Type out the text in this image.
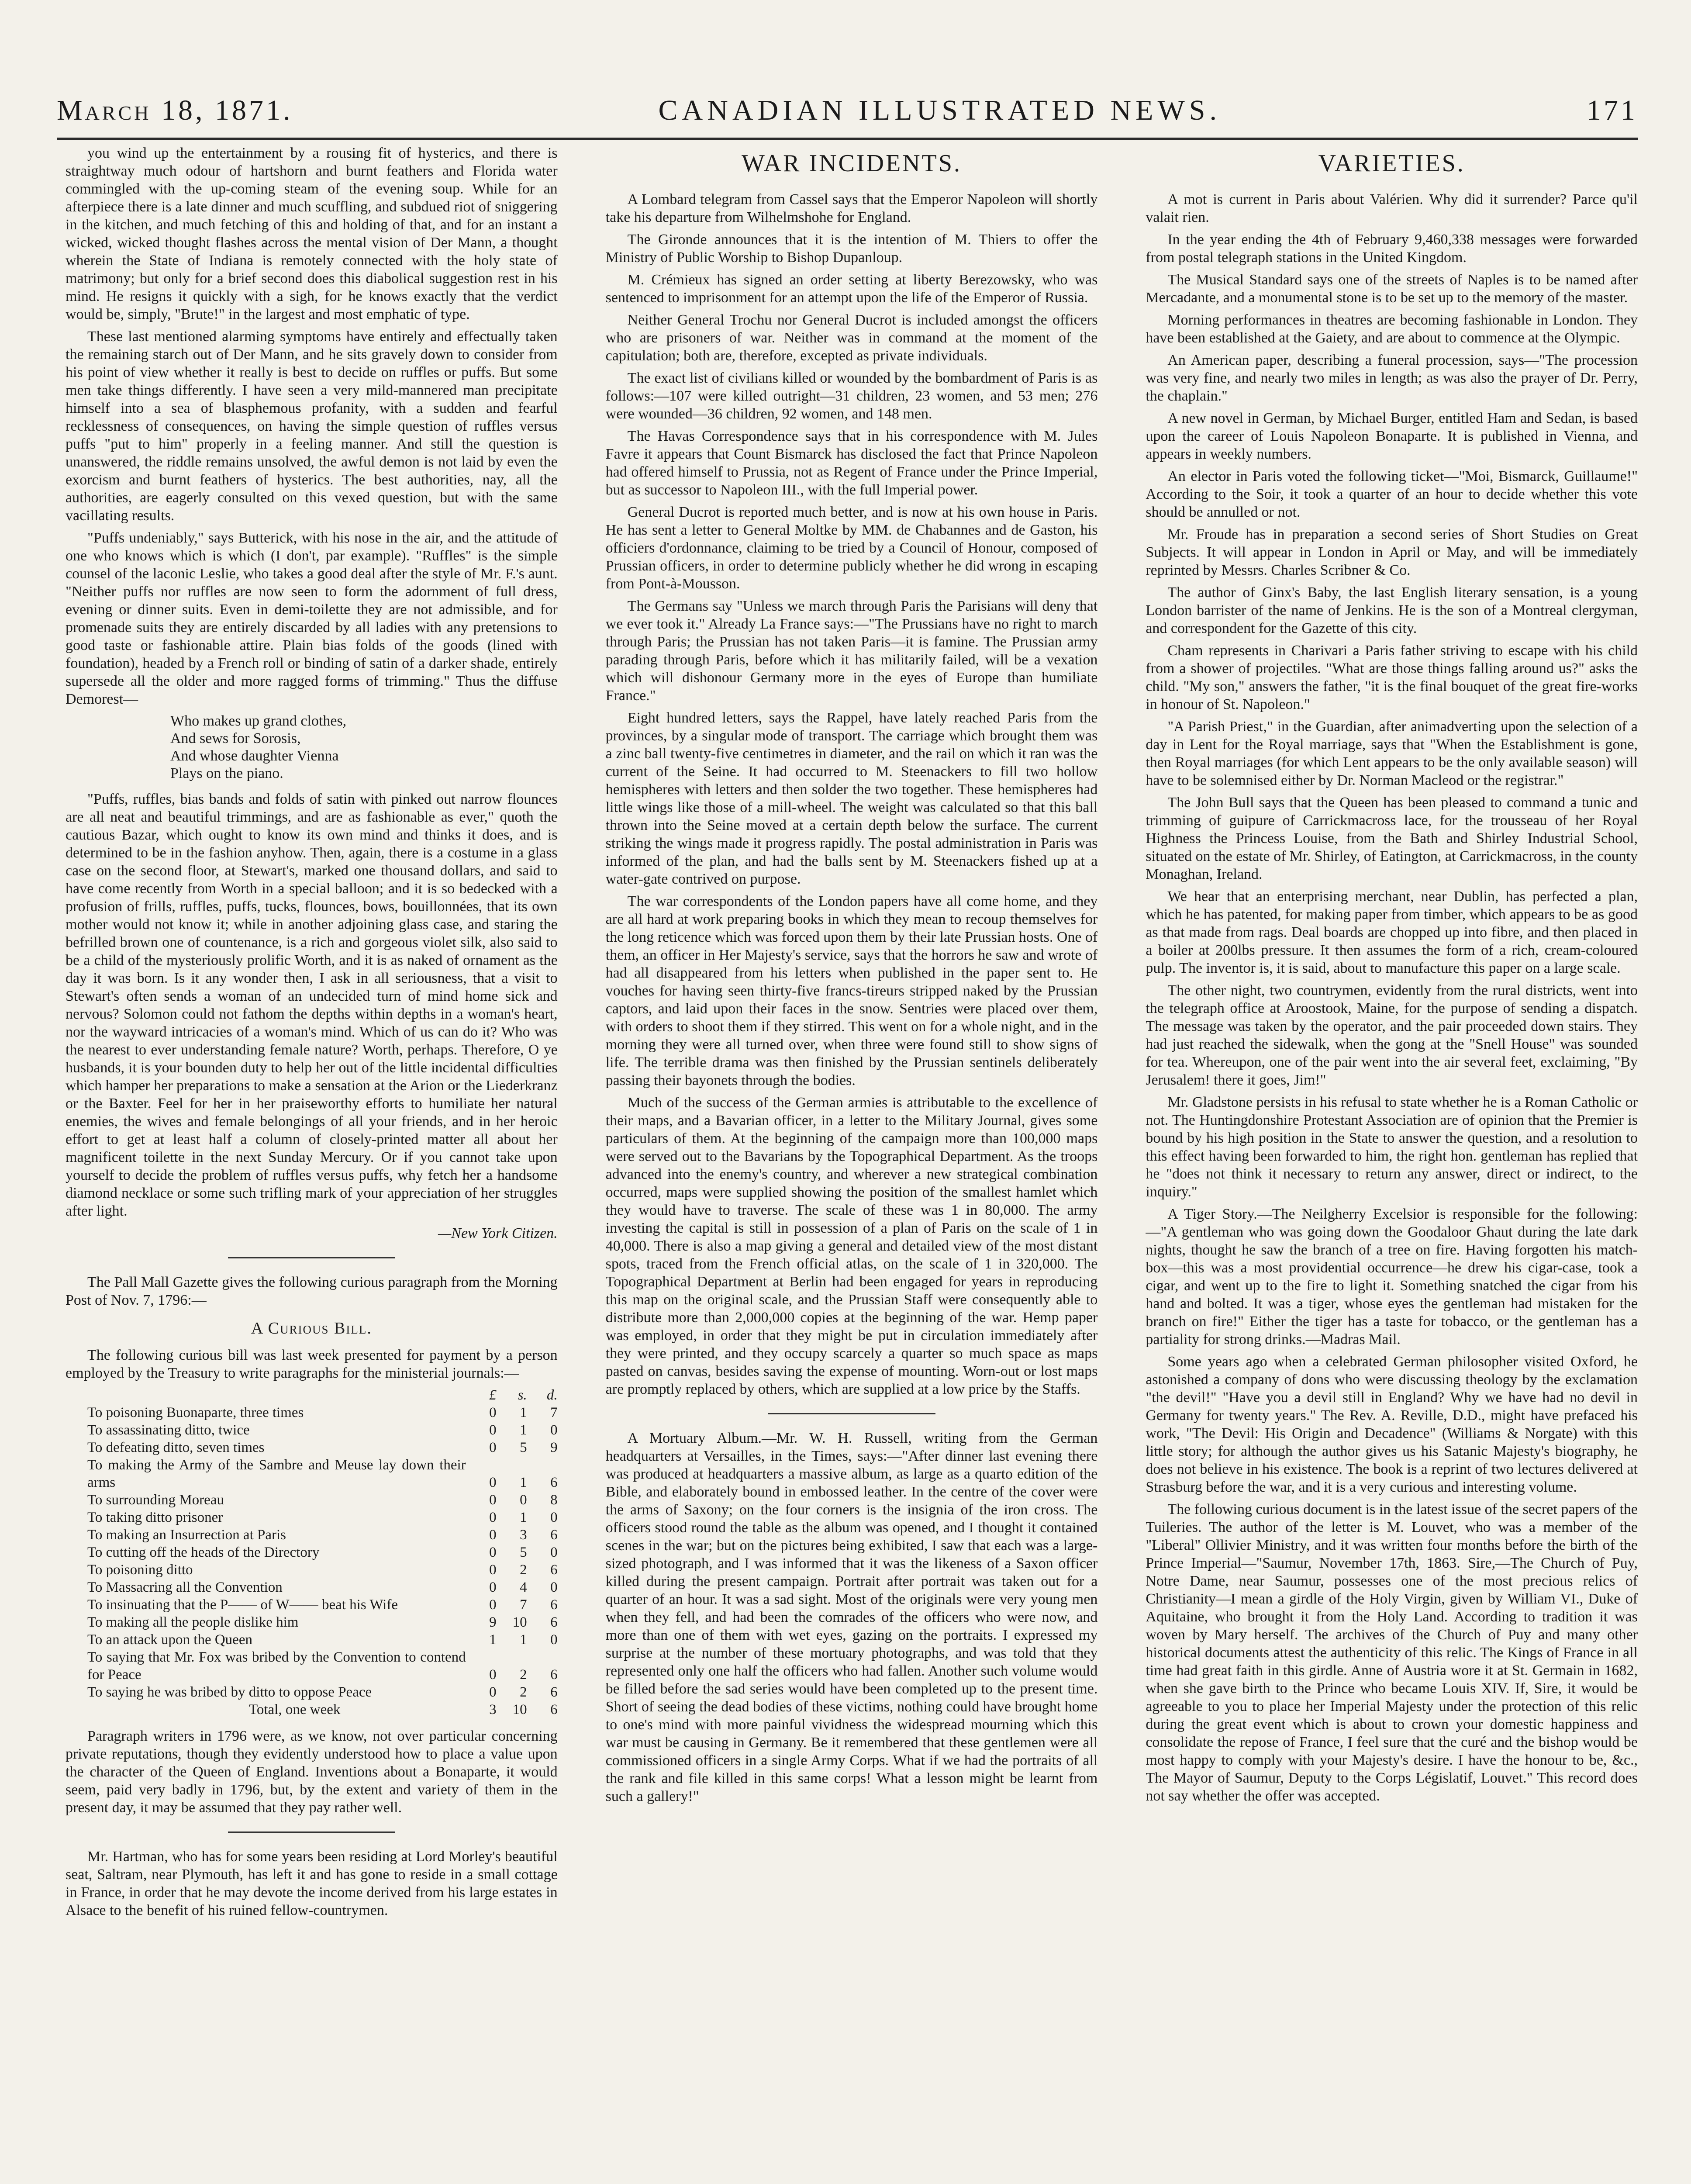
March 18, 1871.	CANADIAN ILLUSTRATED NEWS.	171

you wind up the entertainment by a rousing fit of hysterics, and there is straightway much odour of hartshorn and burnt feathers and Florida water commingled with the up-coming steam of the evening soup. While for an afterpiece there is a late dinner and much scuffling, and subdued riot of sniggering in the kitchen, and much fetching of this and holding of that, and for an instant a wicked, wicked thought flashes across the mental vision of Der Mann, a thought wherein the State of Indiana is remotely connected with the holy state of matrimony; but only for a brief second does this diabolical suggestion rest in his mind. He resigns it quickly with a sigh, for he knows exactly that the verdict would be, simply, "Brute!" in the largest and most emphatic of type.

These last mentioned alarming symptoms have entirely and effectually taken the remaining starch out of Der Mann, and he sits gravely down to consider from his point of view whether it really is best to decide on ruffles or puffs. But some men take things differently. I have seen a very mild-mannered man precipitate himself into a sea of blasphemous profanity, with a sudden and fearful recklessness of consequences, on having the simple question of ruffles versus puffs "put to him" properly in a feeling manner. And still the question is unanswered, the riddle remains unsolved, the awful demon is not laid by even the exorcism and burnt feathers of hysterics. The best authorities, nay, all the authorities, are eagerly consulted on this vexed question, but with the same vacillating results.

"Puffs undeniably," says Butterick, with his nose in the air, and the attitude of one who knows which is which (I don't, par example). "Ruffles" is the simple counsel of the laconic Leslie, who takes a good deal after the style of Mr. F.'s aunt. "Neither puffs nor ruffles are now seen to form the adornment of full dress, evening or dinner suits. Even in demi-toilette they are not admissible, and for promenade suits they are entirely discarded by all ladies with any pretensions to good taste or fashionable attire. Plain bias folds of the goods (lined with foundation), headed by a French roll or binding of satin of a darker shade, entirely supersede all the older and more ragged forms of trimming." Thus the diffuse Demorest—

Who makes up grand clothes,
And sews for Sorosis,
And whose daughter Vienna
Plays on the piano.

"Puffs, ruffles, bias bands and folds of satin with pinked out narrow flounces are all neat and beautiful trimmings, and are as fashionable as ever," quoth the cautious Bazar, which ought to know its own mind and thinks it does, and is determined to be in the fashion anyhow. Then, again, there is a costume in a glass case on the second floor, at Stewart's, marked one thousand dollars, and said to have come recently from Worth in a special balloon; and it is so bedecked with a profusion of frills, ruffles, puffs, tucks, flounces, bows, bouillonnées, that its own mother would not know it; while in another adjoining glass case, and staring the befrilled brown one of countenance, is a rich and gorgeous violet silk, also said to be a child of the mysteriously prolific Worth, and it is as naked of ornament as the day it was born. Is it any wonder then, I ask in all seriousness, that a visit to Stewart's often sends a woman of an undecided turn of mind home sick and nervous? Solomon could not fathom the depths within depths in a woman's heart, nor the wayward intricacies of a woman's mind. Which of us can do it? Who was the nearest to ever understanding female nature? Worth, perhaps. Therefore, O ye husbands, it is your bounden duty to help her out of the little incidental difficulties which hamper her preparations to make a sensation at the Arion or the Liederkranz or the Baxter. Feel for her in her praiseworthy efforts to humiliate her natural enemies, the wives and female belongings of all your friends, and in her heroic effort to get at least half a column of closely-printed matter all about her magnificent toilette in the next Sunday Mercury. Or if you cannot take upon yourself to decide the problem of ruffles versus puffs, why fetch her a handsome diamond necklace or some such trifling mark of your appreciation of her struggles after light.

—New York Citizen.

The Pall Mall Gazette gives the following curious paragraph from the Morning Post of Nov. 7, 1796:—

A Curious Bill.

The following curious bill was last week presented for payment by a person employed by the Treasury to write paragraphs for the ministerial journals:—

	£	s.	d.
To poisoning Buonaparte, three times	0	1	7
To assassinating ditto, twice	0	1	0
To defeating ditto, seven times	0	5	9
To making the Army of the Sambre and Meuse lay down their arms	0	1	6
To surrounding Moreau	0	0	8
To taking ditto prisoner	0	1	0
To making an Insurrection at Paris	0	3	6
To cutting off the heads of the Directory	0	5	0
To poisoning ditto	0	2	6
To Massacring all the Convention	0	4	0
To insinuating that the P—— of W—— beat his Wife	0	7	6
To making all the people dislike him	9	10	6
To an attack upon the Queen	1	1	0
To saying that Mr. Fox was bribed by the Convention to contend for Peace	0	2	6
To saying he was bribed by ditto to oppose Peace	0	2	6
Total, one week	3	10	6

Paragraph writers in 1796 were, as we know, not over particular concerning private reputations, though they evidently understood how to place a value upon the character of the Queen of England. Inventions about a Bonaparte, it would seem, paid very badly in 1796, but, by the extent and variety of them in the present day, it may be assumed that they pay rather well.

Mr. Hartman, who has for some years been residing at Lord Morley's beautiful seat, Saltram, near Plymouth, has left it and has gone to reside in a small cottage in France, in order that he may devote the income derived from his large estates in Alsace to the benefit of his ruined fellow-countrymen.

WAR INCIDENTS.

A Lombard telegram from Cassel says that the Emperor Napoleon will shortly take his departure from Wilhelmshohe for England.

The Gironde announces that it is the intention of M. Thiers to offer the Ministry of Public Worship to Bishop Dupanloup.

M. Crémieux has signed an order setting at liberty Berezowsky, who was sentenced to imprisonment for an attempt upon the life of the Emperor of Russia.

Neither General Trochu nor General Ducrot is included amongst the officers who are prisoners of war. Neither was in command at the moment of the capitulation; both are, therefore, excepted as private individuals.

The exact list of civilians killed or wounded by the bombardment of Paris is as follows:—107 were killed outright—31 children, 23 women, and 53 men; 276 were wounded—36 children, 92 women, and 148 men.

The Havas Correspondence says that in his correspondence with M. Jules Favre it appears that Count Bismarck has disclosed the fact that Prince Napoleon had offered himself to Prussia, not as Regent of France under the Prince Imperial, but as successor to Napoleon III., with the full Imperial power.

General Ducrot is reported much better, and is now at his own house in Paris. He has sent a letter to General Moltke by MM. de Chabannes and de Gaston, his officiers d'ordonnance, claiming to be tried by a Council of Honour, composed of Prussian officers, in order to determine publicly whether he did wrong in escaping from Pont-à-Mousson.

The Germans say "Unless we march through Paris the Parisians will deny that we ever took it." Already La France says:—"The Prussians have no right to march through Paris; the Prussian has not taken Paris—it is famine. The Prussian army parading through Paris, before which it has militarily failed, will be a vexation which will dishonour Germany more in the eyes of Europe than humiliate France."

Eight hundred letters, says the Rappel, have lately reached Paris from the provinces, by a singular mode of transport. The carriage which brought them was a zinc ball twenty-five centimetres in diameter, and the rail on which it ran was the current of the Seine. It had occurred to M. Steenackers to fill two hollow hemispheres with letters and then solder the two together. These hemispheres had little wings like those of a mill-wheel. The weight was calculated so that this ball thrown into the Seine moved at a certain depth below the surface. The current striking the wings made it progress rapidly. The postal administration in Paris was informed of the plan, and had the balls sent by M. Steenackers fished up at a water-gate contrived on purpose.

The war correspondents of the London papers have all come home, and they are all hard at work preparing books in which they mean to recoup themselves for the long reticence which was forced upon them by their late Prussian hosts. One of them, an officer in Her Majesty's service, says that the horrors he saw and wrote of had all disappeared from his letters when published in the paper sent to. He vouches for having seen thirty-five francs-tireurs stripped naked by the Prussian captors, and laid upon their faces in the snow. Sentries were placed over them, with orders to shoot them if they stirred. This went on for a whole night, and in the morning they were all turned over, when three were found still to show signs of life. The terrible drama was then finished by the Prussian sentinels deliberately passing their bayonets through the bodies.

Much of the success of the German armies is attributable to the excellence of their maps, and a Bavarian officer, in a letter to the Military Journal, gives some particulars of them. At the beginning of the campaign more than 100,000 maps were served out to the Bavarians by the Topographical Department. As the troops advanced into the enemy's country, and wherever a new strategical combination occurred, maps were supplied showing the position of the smallest hamlet which they would have to traverse. The scale of these was 1 in 80,000. The army investing the capital is still in possession of a plan of Paris on the scale of 1 in 40,000. There is also a map giving a general and detailed view of the most distant spots, traced from the French official atlas, on the scale of 1 in 320,000. The Topographical Department at Berlin had been engaged for years in reproducing this map on the original scale, and the Prussian Staff were consequently able to distribute more than 2,000,000 copies at the beginning of the war. Hemp paper was employed, in order that they might be put in circulation immediately after they were printed, and they occupy scarcely a quarter so much space as maps pasted on canvas, besides saving the expense of mounting. Worn-out or lost maps are promptly replaced by others, which are supplied at a low price by the Staffs.

A Mortuary Album.—Mr. W. H. Russell, writing from the German headquarters at Versailles, in the Times, says:—"After dinner last evening there was produced at headquarters a massive album, as large as a quarto edition of the Bible, and elaborately bound in embossed leather. In the centre of the cover were the arms of Saxony; on the four corners is the insignia of the iron cross. The officers stood round the table as the album was opened, and I thought it contained scenes in the war; but on the pictures being exhibited, I saw that each was a large-sized photograph, and I was informed that it was the likeness of a Saxon officer killed during the present campaign. Portrait after portrait was taken out for a quarter of an hour. It was a sad sight. Most of the originals were very young men when they fell, and had been the comrades of the officers who were now, and more than one of them with wet eyes, gazing on the portraits. I expressed my surprise at the number of these mortuary photographs, and was told that they represented only one half the officers who had fallen. Another such volume would be filled before the sad series would have been completed up to the present time. Short of seeing the dead bodies of these victims, nothing could have brought home to one's mind with more painful vividness the widespread mourning which this war must be causing in Germany. Be it remembered that these gentlemen were all commissioned officers in a single Army Corps. What if we had the portraits of all the rank and file killed in this same corps! What a lesson might be learnt from such a gallery!"

VARIETIES.

A mot is current in Paris about Valérien. Why did it surrender? Parce qu'il valait rien.

In the year ending the 4th of February 9,460,338 messages were forwarded from postal telegraph stations in the United Kingdom.

The Musical Standard says one of the streets of Naples is to be named after Mercadante, and a monumental stone is to be set up to the memory of the master.

Morning performances in theatres are becoming fashionable in London. They have been established at the Gaiety, and are about to commence at the Olympic.

An American paper, describing a funeral procession, says—"The procession was very fine, and nearly two miles in length; as was also the prayer of Dr. Perry, the chaplain."

A new novel in German, by Michael Burger, entitled Ham and Sedan, is based upon the career of Louis Napoleon Bonaparte. It is published in Vienna, and appears in weekly numbers.

An elector in Paris voted the following ticket—"Moi, Bismarck, Guillaume!" According to the Soir, it took a quarter of an hour to decide whether this vote should be annulled or not.

Mr. Froude has in preparation a second series of Short Studies on Great Subjects. It will appear in London in April or May, and will be immediately reprinted by Messrs. Charles Scribner & Co.

The author of Ginx's Baby, the last English literary sensation, is a young London barrister of the name of Jenkins. He is the son of a Montreal clergyman, and correspondent for the Gazette of this city.

Cham represents in Charivari a Paris father striving to escape with his child from a shower of projectiles. "What are those things falling around us?" asks the child. "My son," answers the father, "it is the final bouquet of the great fire-works in honour of St. Napoleon."

"A Parish Priest," in the Guardian, after animadverting upon the selection of a day in Lent for the Royal marriage, says that "When the Establishment is gone, then Royal marriages (for which Lent appears to be the only available season) will have to be solemnised either by Dr. Norman Macleod or the registrar."

The John Bull says that the Queen has been pleased to command a tunic and trimming of guipure of Carrickmacross lace, for the trousseau of her Royal Highness the Princess Louise, from the Bath and Shirley Industrial School, situated on the estate of Mr. Shirley, of Eatington, at Carrickmacross, in the county Monaghan, Ireland.

We hear that an enterprising merchant, near Dublin, has perfected a plan, which he has patented, for making paper from timber, which appears to be as good as that made from rags. Deal boards are chopped up into fibre, and then placed in a boiler at 200lbs pressure. It then assumes the form of a rich, cream-coloured pulp. The inventor is, it is said, about to manufacture this paper on a large scale.

The other night, two countrymen, evidently from the rural districts, went into the telegraph office at Aroostook, Maine, for the purpose of sending a dispatch. The message was taken by the operator, and the pair proceeded down stairs. They had just reached the sidewalk, when the gong at the "Snell House" was sounded for tea. Whereupon, one of the pair went into the air several feet, exclaiming, "By Jerusalem! there it goes, Jim!"

Mr. Gladstone persists in his refusal to state whether he is a Roman Catholic or not. The Huntingdonshire Protestant Association are of opinion that the Premier is bound by his high position in the State to answer the question, and a resolution to this effect having been forwarded to him, the right hon. gentleman has replied that he "does not think it necessary to return any answer, direct or indirect, to the inquiry."

A Tiger Story.—The Neilgherry Excelsior is responsible for the following:—"A gentleman who was going down the Goodaloor Ghaut during the late dark nights, thought he saw the branch of a tree on fire. Having forgotten his match-box—this was a most providential occurrence—he drew his cigar-case, took a cigar, and went up to the fire to light it. Something snatched the cigar from his hand and bolted. It was a tiger, whose eyes the gentleman had mistaken for the branch on fire!" Either the tiger has a taste for tobacco, or the gentleman has a partiality for strong drinks.—Madras Mail.

Some years ago when a celebrated German philosopher visited Oxford, he astonished a company of dons who were discussing theology by the exclamation "the devil!" "Have you a devil still in England? Why we have had no devil in Germany for twenty years." The Rev. A. Reville, D.D., might have prefaced his work, "The Devil: His Origin and Decadence" (Williams & Norgate) with this little story; for although the author gives us his Satanic Majesty's biography, he does not believe in his existence. The book is a reprint of two lectures delivered at Strasburg before the war, and it is a very curious and interesting volume.

The following curious document is in the latest issue of the secret papers of the Tuileries. The author of the letter is M. Louvet, who was a member of the "Liberal" Ollivier Ministry, and it was written four months before the birth of the Prince Imperial—"Saumur, November 17th, 1863. Sire,—The Church of Puy, Notre Dame, near Saumur, possesses one of the most precious relics of Christianity—I mean a girdle of the Holy Virgin, given by William VI., Duke of Aquitaine, who brought it from the Holy Land. According to tradition it was woven by Mary herself. The archives of the Church of Puy and many other historical documents attest the authenticity of this relic. The Kings of France in all time had great faith in this girdle. Anne of Austria wore it at St. Germain in 1682, when she gave birth to the Prince who became Louis XIV. If, Sire, it would be agreeable to you to place her Imperial Majesty under the protection of this relic during the great event which is about to crown your domestic happiness and consolidate the repose of France, I feel sure that the curé and the bishop would be most happy to comply with your Majesty's desire. I have the honour to be, &c., The Mayor of Saumur, Deputy to the Corps Législatif, Louvet." This record does not say whether the offer was accepted.
